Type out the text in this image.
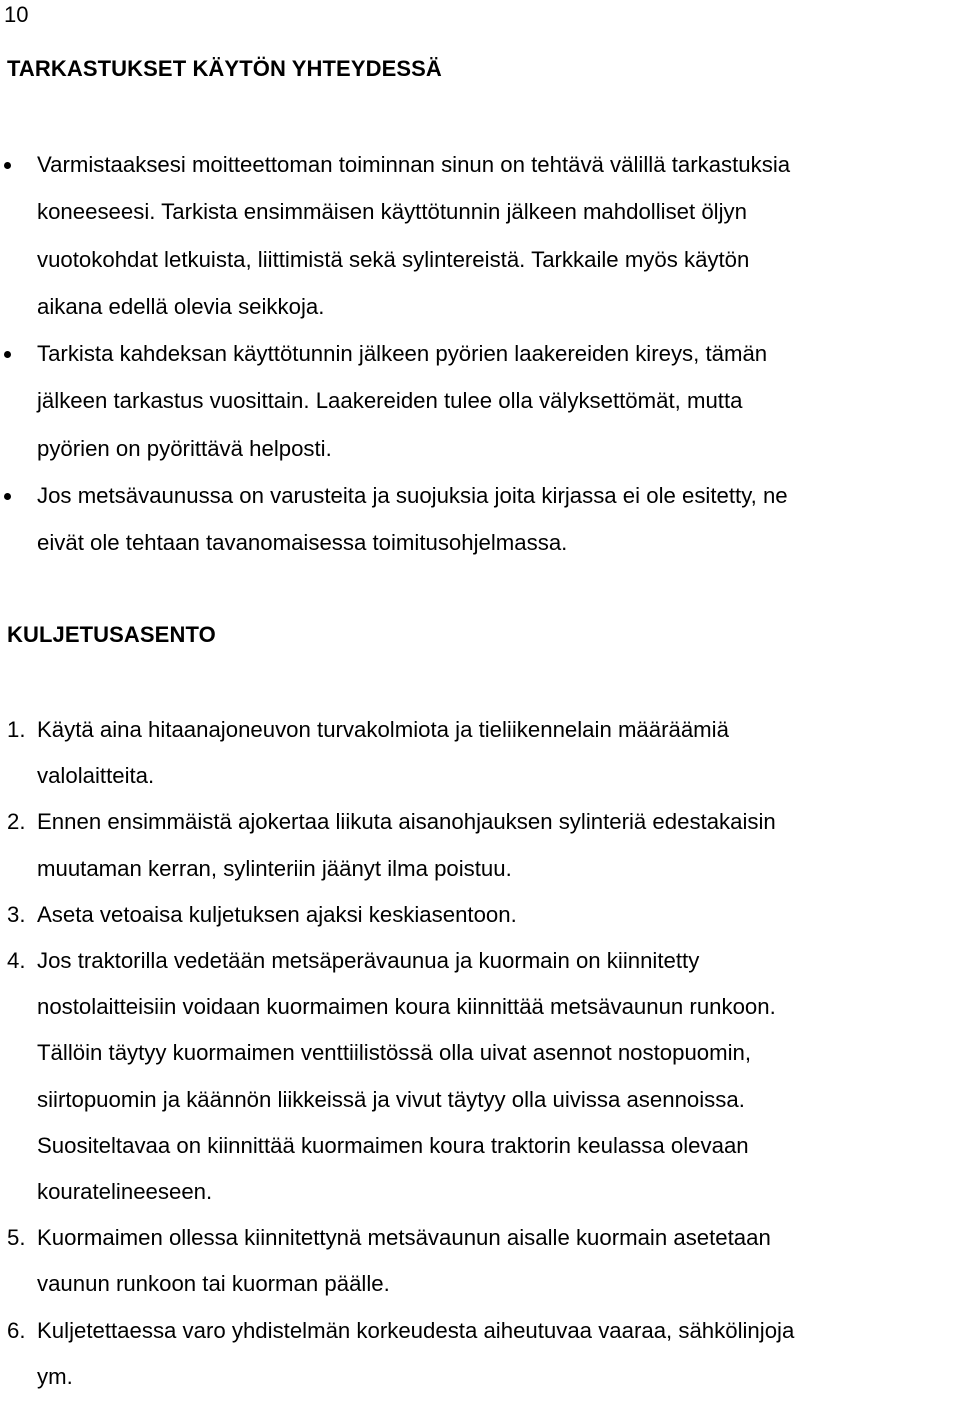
10
TARKASTUKSET KÄYTÖN YHTEYDESSÄ
Varmistaaksesi moitteettoman toiminnan sinun on tehtävä välillä tarkastuksia
koneeseesi. Tarkista ensimmäisen käyttötunnin jälkeen mahdolliset öljyn
vuotokohdat letkuista, liittimistä sekä sylintereistä. Tarkkaile myös käytön
aikana edellä olevia seikkoja.
Tarkista kahdeksan käyttötunnin jälkeen pyörien laakereiden kireys, tämän
jälkeen tarkastus vuosittain. Laakereiden tulee olla välyksettömät, mutta
pyörien on pyörittävä helposti.
Jos metsävaunussa on varusteita ja suojuksia joita kirjassa ei ole esitetty, ne
eivät ole tehtaan tavanomaisessa toimitusohjelmassa.
KULJETUSASENTO
1. Käytä aina hitaanajoneuvon turvakolmiota ja tieliikennelain määräämiä
valolaitteita.
2. Ennen ensimmäistä ajokertaa liikuta aisanohjauksen sylinteriä edestakaisin
muutaman kerran, sylinteriin jäänyt ilma poistuu.
3. Aseta vetoaisa kuljetuksen ajaksi keskiasentoon.
4. Jos traktorilla vedetään metsäperävaunua ja kuormain on kiinnitetty
nostolaitteisiin voidaan kuormaimen koura kiinnittää metsävaunun runkoon.
Tällöin täytyy kuormaimen venttiilistössä olla uivat asennot nostopuomin,
siirtopuomin ja käännön liikkeissä ja vivut täytyy olla uivissa asennoissa.
Suositeltavaa on kiinnittää kuormaimen koura traktorin keulassa olevaan
kouratelineeseen.
5. Kuormaimen ollessa kiinnitettynä metsävaunun aisalle kuormain asetetaan
vaunun runkoon tai kuorman päälle.
6. Kuljetettaessa varo yhdistelmän korkeudesta aiheutuvaa vaaraa, sähkölinjoja
ym.
